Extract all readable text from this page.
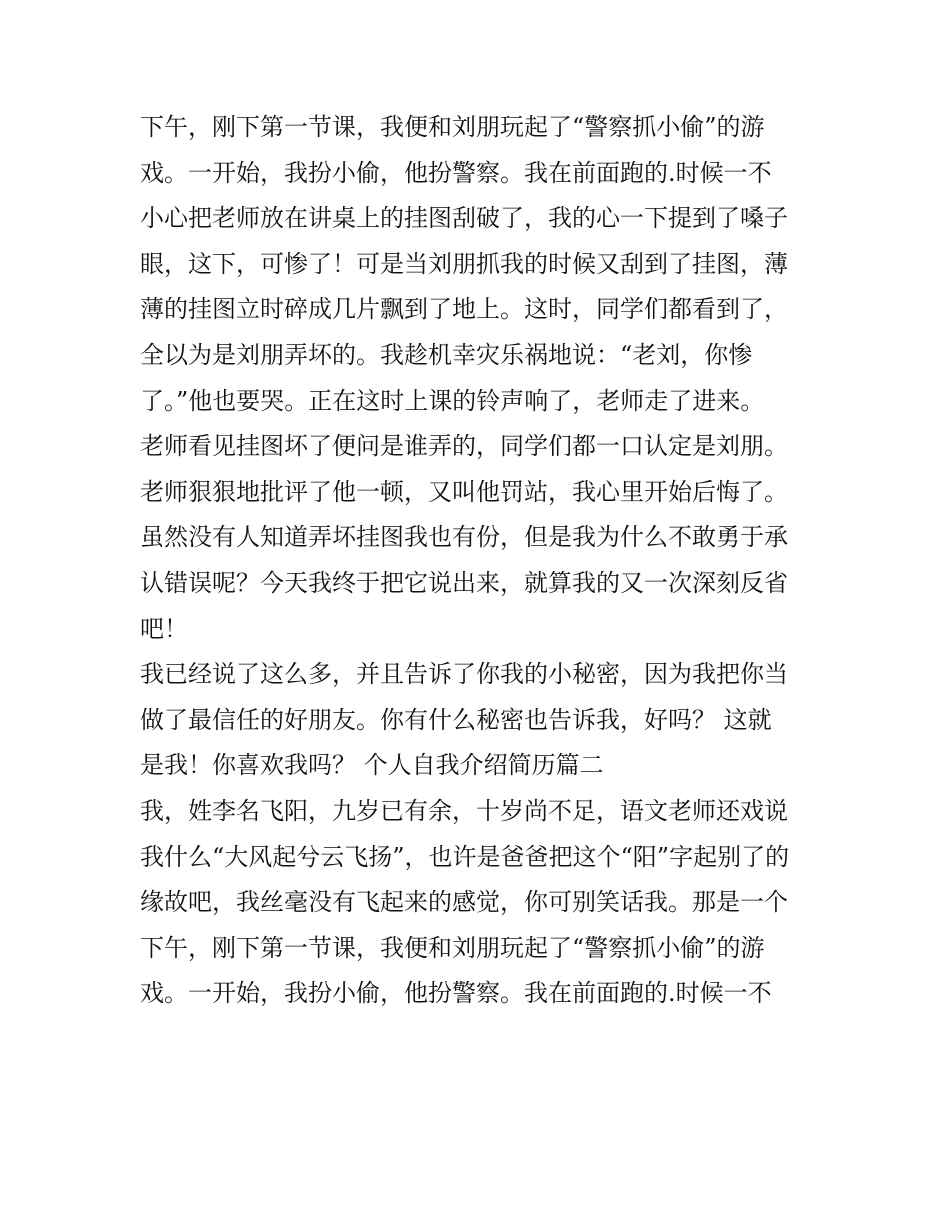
下午，刚下第一节课，我便和刘朋玩起了“警察抓小偷”的游
戏。一开始，我扮小偷，他扮警察。我在前面跑的.时候一不
小心把老师放在讲桌上的挂图刮破了，我的心一下提到了嗓子
眼，这下，可惨了！可是当刘朋抓我的时候又刮到了挂图，薄
薄的挂图立时碎成几片飘到了地上。这时，同学们都看到了，
全以为是刘朋弄坏的。我趁机幸灾乐祸地说：“老刘，你惨
了。”他也要哭。正在这时上课的铃声响了，老师走了进来。
老师看见挂图坏了便问是谁弄的，同学们都一口认定是刘朋。
老师狠狠地批评了他一顿，又叫他罚站，我心里开始后悔了。
虽然没有人知道弄坏挂图我也有份，但是我为什么不敢勇于承
认错误呢？今天我终于把它说出来，就算我的又一次深刻反省
吧！
我已经说了这么多，并且告诉了你我的小秘密，因为我把你当
做了最信任的好朋友。你有什么秘密也告诉我，好吗？ 这就
是我！你喜欢我吗？ 个人自我介绍简历篇二
我，姓李名飞阳，九岁已有余，十岁尚不足，语文老师还戏说
我什么“大风起兮云飞扬”，也许是爸爸把这个“阳”字起别了的
缘故吧，我丝毫没有飞起来的感觉，你可别笑话我。那是一个
下午，刚下第一节课，我便和刘朋玩起了“警察抓小偷”的游
戏。一开始，我扮小偷，他扮警察。我在前面跑的.时候一不
